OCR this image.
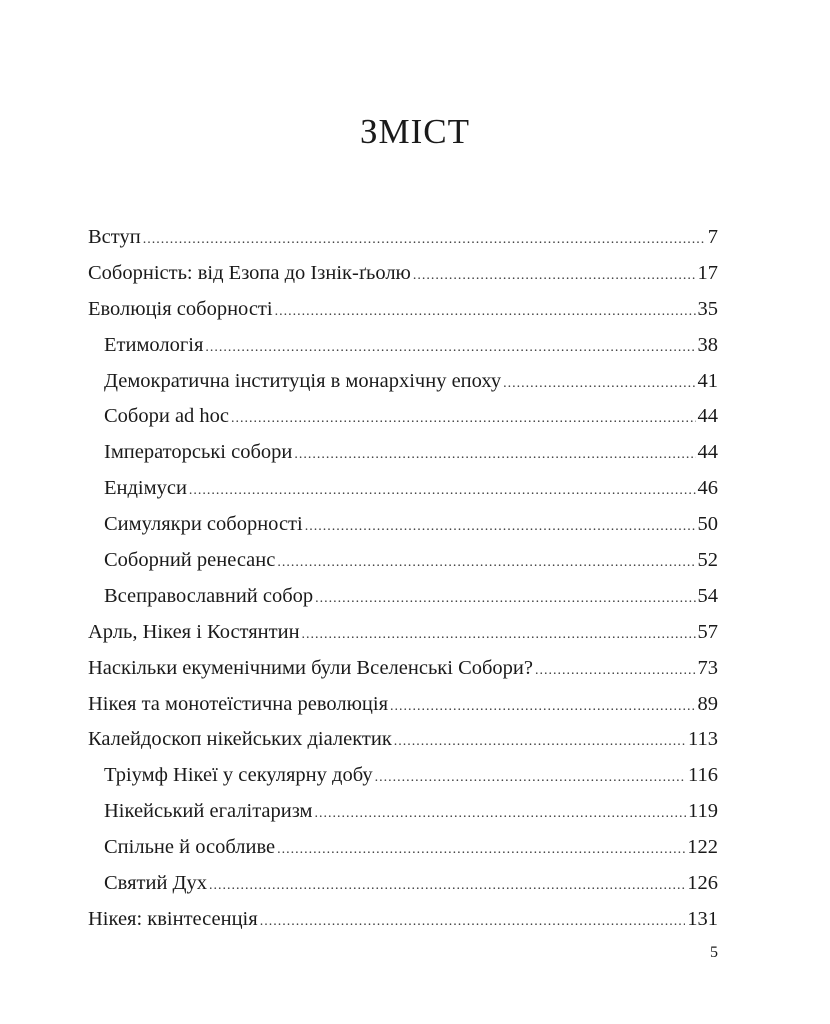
ЗМІСТ
Вступ .....	7
Соборність: від Езопа до Ізнік-ґьолю .....	17
Еволюція соборності .....	35
Етимологія .....	38
Демократична інституція в монархічну епоху .....	41
Собори ad hoc .....	44
Імператорські собори .....	44
Ендімуси .....	46
Симулякри соборності .....	50
Соборний ренесанс .....	52
Всеправославний собор .....	54
Арль, Нікея і Костянтин .....	57
Наскільки екуменічними були Вселенські Собори? .....	73
Нікея та монотеїстична революція .....	89
Калейдоскоп нікейських діалектик .....	113
Тріумф Нікеї у секулярну добу .....	116
Нікейський егалітаризм .....	119
Спільне й особливе .....	122
Святий Дух .....	126
Нікея: квінтесенція .....	131
5
